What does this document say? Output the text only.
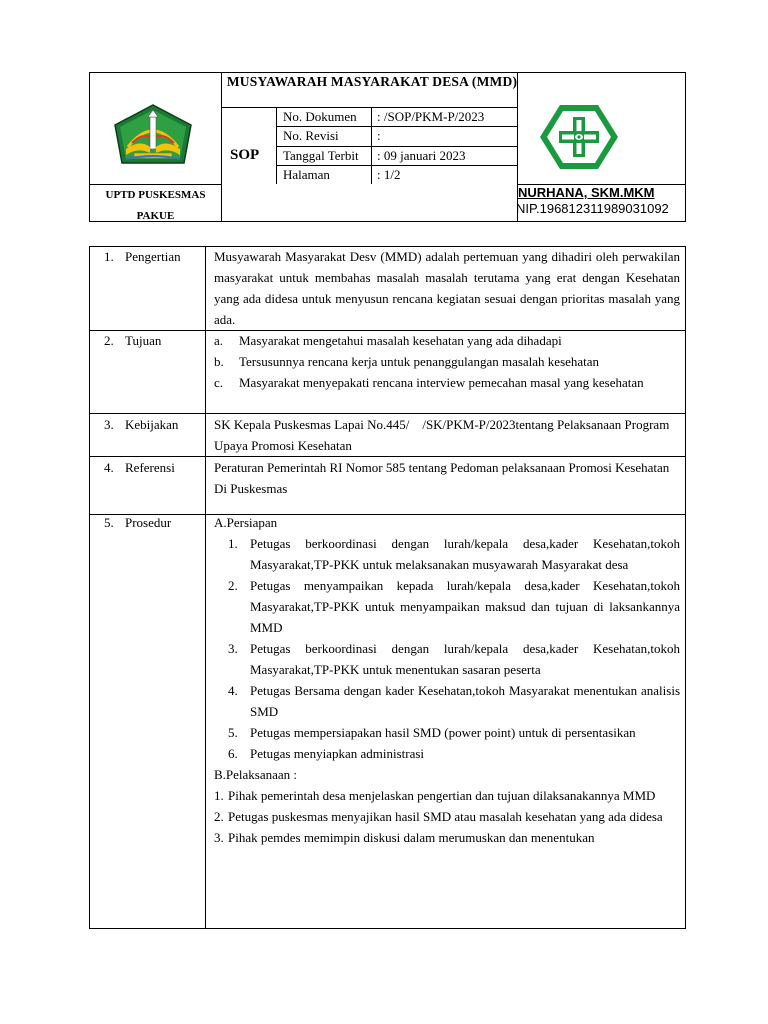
MUSYAWARAH MASYARAKAT DESA (MMD)
SOP
No. Dokumen : /SOP/PKM-P/2023
No. Revisi	:
Tanggal Terbit : 09 januari 2023
Halaman	: 1/2
UPTD PUSKESMAS
PAKUE
NURHANA, SKM.MKM
NIP.196812311989031092
1. Pengertian	Musyawarah Masyarakat Desv (MMD) adalah pertemuan yang dihadiri oleh perwakilan masyarakat untuk membahas masalah masalah terutama yang erat dengan Kesehatan yang ada didesa untuk menyusun rencana kegiatan sesuai dengan prioritas masalah yang ada.

2. Tujuan	a. Masyarakat mengetahui masalah kesehatan yang ada dihadapi
b. Tersusunnya rencana kerja untuk penanggulangan masalah kesehatan
c. Masyarakat menyepakati rencana interview pemecahan masal yang kesehatan
3. Kebijakan	SK Kepala Puskesmas Lapai No.445/    /SK/PKM-P/2023tentang Pelaksanaan Program Upaya Promosi Kesehatan

4. Referensi	Peraturan Pemerintah RI Nomor 585 tentang Pedoman pelaksanaan Promosi Kesehatan Di Puskesmas

5. Prosedur	A.Persiapan

1. Petugas berkoordinasi dengan lurah/kepala desa,kader Kesehatan,tokoh Masyarakat,TP-PKK untuk melaksanakan musyawarah Masyarakat desa
2. Petugas menyampaikan kepada lurah/kepala desa,kader Kesehatan,tokoh Masyarakat,TP-PKK untuk menyampaikan maksud dan tujuan di laksankannya MMD
3. Petugas berkoordinasi dengan lurah/kepala desa,kader Kesehatan,tokoh Masyarakat,TP-PKK untuk menentukan sasaran peserta
4. Petugas Bersama dengan kader Kesehatan,tokoh Masyarakat menentukan analisis SMD
5. Petugas mempersiapakan hasil SMD (power point) untuk di persentasikan
6. Petugas menyiapkan administrasi

B.Pelaksanaan :

1. Pihak pemerintah desa menjelaskan pengertian dan tujuan dilaksanakannya MMD
2. Petugas puskesmas menyajikan hasil SMD atau masalah kesehatan yang ada didesa
3. Pihak pemdes memimpin diskusi dalam merumuskan dan menentukan
